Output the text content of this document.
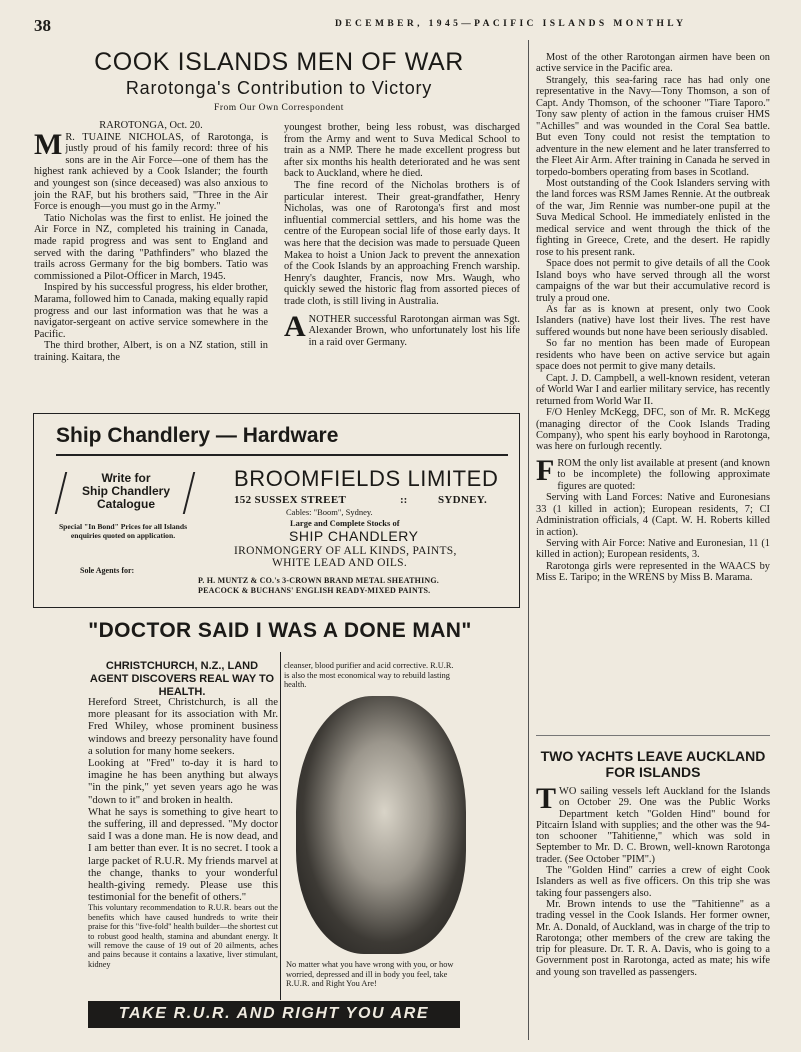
38	DECEMBER, 1945—PACIFIC ISLANDS MONTHLY
COOK ISLANDS MEN OF WAR
Rarotonga's Contribution to Victory
From Our Own Correspondent
RAROTONGA, Oct. 20.

M R. TUAINE NICHOLAS, of Rarotonga, is justly proud of his family record: three of his sons are in the Air Force—one of them has the highest rank achieved by a Cook Islander; the fourth and youngest son (since deceased) was also anxious to join the RAF, but his brothers said, "Three in the Air Force is enough—you must go in the Army."

Tatio Nicholas was the first to enlist. He joined the Air Force in NZ, completed his training in Canada, made rapid progress and was sent to England and served with the daring "Pathfinders" who blazed the trails across Germany for the big bombers. Tatio was commissioned a Pilot-Officer in March, 1945.

Inspired by his successful progress, his elder brother, Marama, followed him to Canada, making equally rapid progress and our last information was that he was a navigator-sergeant on active service somewhere in the Pacific.

The third brother, Albert, is on a NZ station, still in training. Kaitara, the

youngest brother, being less robust, was discharged from the Army and went to Suva Medical School to train as a NMP. There he made excellent progress but after six months his health deteriorated and he was sent back to Auckland, where he died.

The fine record of the Nicholas brothers is of particular interest. Their great-grandfather, Henry Nicholas, was one of Rarotonga's first and most influential commercial settlers, and his home was the centre of the European social life of those early days. It was here that the decision was made to persuade Queen Makea to hoist a Union Jack to prevent the annexation of the Cook Islands by an approaching French warship. Henry's daughter, Francis, now Mrs. Waugh, who quickly sewed the historic flag from assorted pieces of trade cloth, is still living in Australia.

ANOTHER successful Rarotongan airman was Sgt. Alexander Brown, who unfortunately lost his life in a raid over Germany.

Most of the other Rarotongan airmen have been on active service in the Pacific area.

Strangely, this sea-faring race has had only one representative in the Navy—Tony Thomson, a son of Capt. Andy Thomson, of the schooner "Tiare Taporo." Tony saw plenty of action in the famous cruiser HMS "Achilles" and was wounded in the Coral Sea battle. But even Tony could not resist the temptation to adventure in the new element and he later transferred to the Fleet Air Arm. After training in Canada he served in torpedo-bombers operating from bases in Scotland.

Most outstanding of the Cook Islanders serving with the land forces was RSM James Rennie. At the outbreak of the war, Jim Rennie was number-one pupil at the Suva Medical School. He immediately enlisted in the medical service and went through the thick of the fighting in Greece, Crete, and the desert. He rapidly rose to his present rank.

Space does not permit to give details of all the Cook Island boys who have served through all the worst campaigns of the war but their accumulative record is truly a proud one.

As far as is known at present, only two Cook Islanders (native) have lost their lives. The rest have suffered wounds but none have been seriously disabled.

So far no mention has been made of European residents who have been on active service but again space does not permit to give many details.

Capt. J. D. Campbell, a well-known resident, veteran of World War I and earlier military service, has recently returned from World War II.

F/O Henley McKegg, DFC, son of Mr. R. McKegg (managing director of the Cook Islands Trading Company), who spent his early boyhood in Rarotonga, was here on furlough recently.

FROM the only list available at present (and known to be incomplete) the following approximate figures are quoted:

Serving with Land Forces: Native and Euronesians 33 (1 killed in action); European residents, 7; CI Administration officials, 4 (Capt. W. H. Roberts killed in action).

Serving with Air Force: Native and Euronesian, 11 (1 killed in action); European residents, 3.

Rarotonga girls were represented in the WAACS by Miss E. Taripo; in the WRENS by Miss B. Marama.

Ship Chandlery — Hardware
Write for
Ship Chandlery
Catalogue
BROOMFIELDS LIMITED
152 SUSSEX STREET	::	SYDNEY.
Cables: "Boom", Sydney.
Large and Complete Stocks of
SHIP CHANDLERY
IRONMONGERY OF ALL KINDS, PAINTS,
WHITE LEAD AND OILS.
Special "In Bond" Prices for all Islands enquiries quoted on application.
Sole Agents for:
P. H. MUNTZ & CO.'s 3-CROWN BRAND METAL SHEATHING.
PEACOCK & BUCHANS' ENGLISH READY-MIXED PAINTS.
"DOCTOR SAID I WAS A DONE MAN"
CHRISTCHURCH, N.Z., LAND AGENT DISCOVERS REAL WAY TO HEALTH.

Hereford Street, Christchurch, is all the more pleasant for its association with Mr. Fred Whiley, whose prominent business windows and breezy personality have found a solution for many home seekers.

Looking at "Fred" to-day it is hard to imagine he has been anything but always "in the pink," yet seven years ago he was "down to it" and broken in health.

What he says is something to give heart to the suffering, ill and depressed. "My doctor said I was a done man. He is now dead, and I am better than ever. It is no secret. I took a large packet of R.U.R. My friends marvel at the change, thanks to your wonderful health-giving remedy. Please use this testimonial for the benefit of others."

This voluntary recommendation to R.U.R. bears out the benefits which have caused hundreds to write their praise for this "five-fold" health builder—the shortest cut to robust good health, stamina and abundant energy. It will remove the cause of 19 out of 20 ailments, aches and pains because it contains a laxative, liver stimulant, kidney

cleanser, blood purifier and acid corrective. R.U.R. is also the most economical way to rebuild lasting health.
No matter what you have wrong with you, or how worried, depressed and ill in body you feel, take R.U.R. and Right You Are!
TAKE R.U.R. AND RIGHT YOU ARE
TWO YACHTS LEAVE AUCKLAND FOR ISLANDS

TWO sailing vessels left Auckland for the Islands on October 29. One was the Public Works Department ketch "Golden Hind" bound for Pitcairn Island with supplies; and the other was the 94-ton schooner "Tahitienne," which was sold in September to Mr. D. C. Brown, well-known Rarotonga trader. (See October "PIM".)

The "Golden Hind" carries a crew of eight Cook Islanders as well as five officers. On this trip she was taking four passengers also.

Mr. Brown intends to use the "Tahitienne" as a trading vessel in the Cook Islands. Her former owner, Mr. A. Donald, of Auckland, was in charge of the trip to Rarotonga; other members of the crew are taking the trip for pleasure. Dr. T. R. A. Davis, who is going to a Government post in Rarotonga, acted as mate; his wife and young son travelled as passengers.
